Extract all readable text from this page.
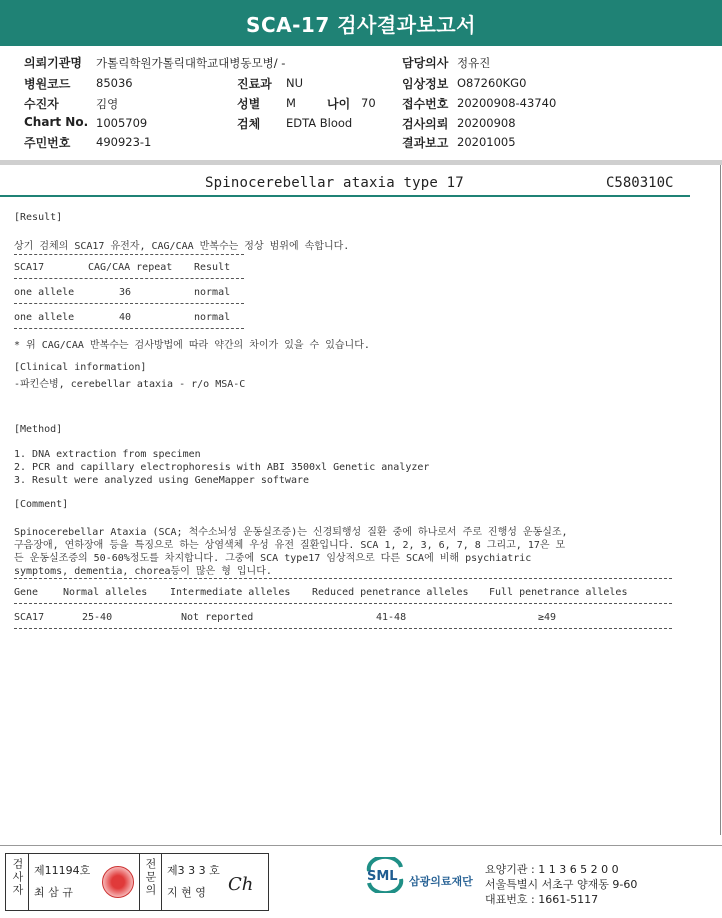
SCA-17 검사결과보고서
의뢰기관명 가톨릭학원가톨릭대학교대병동모병/ -
병원코드 85036
수진자	김영
Chart No. 1005709
주민번호 490923-1
진료과 NU
성별 M	나이 70
검체 EDTA Blood
담당의사 정유진
임상정보 O87260KG0
접수번호 20200908-43740
검사의뢰 20200908
결과보고 20201005
Spinocerebellar ataxia type 17	C580310C
[Result]
상기 검체의 SCA17 유전자, CAG/CAA 반복수는 정상 범위에 속합니다.
SCA17	CAG/CAA repeat Result
one allele	36	normal
one allele	40	normal
* 위 CAG/CAA 반복수는 검사방법에 따라 약간의 차이가 있을 수 있습니다.
[Clinical information]
-파킨슨병, cerebellar ataxia - r/o MSA-C
[Method]
1. DNA extraction from specimen
2. PCR and capillary electrophoresis with ABI 3500xl Genetic analyzer
3. Result were analyzed using GeneMapper software
[Comment]
Spinocerebellar Ataxia (SCA; 척수소뇌성 운동실조증)는 신경퇴행성 질환 중에 하나로서 주로 진행성 운동실조,
구음장애, 연하장애 등을 특징으로 하는 상염색체 우성 유전 질환입니다. SCA 1, 2, 3, 6, 7, 8 그리고, 17은 모
든 운동실조증의 50-60%정도를 차지합니다. 그중에 SCA type17 임상적으로 다른 SCA에 비해 psychiatric
symptoms, dementia, chorea등이 많은 형 입니다.
Gene Normal alleles Intermediate alleles Reduced penetrance alleles Full penetrance alleles
SCA17	25-40	Not reported	41-48	≥49
검사자 제11194호
최 삼 규	전문의 제3 3 3 호
지 현 영 Ch	SML 삼광의료재단
요양기관 : 1 1 3 6 5 2 0 0
서울특별시 서초구 양재동 9-60
대표번호 : 1661-5117
